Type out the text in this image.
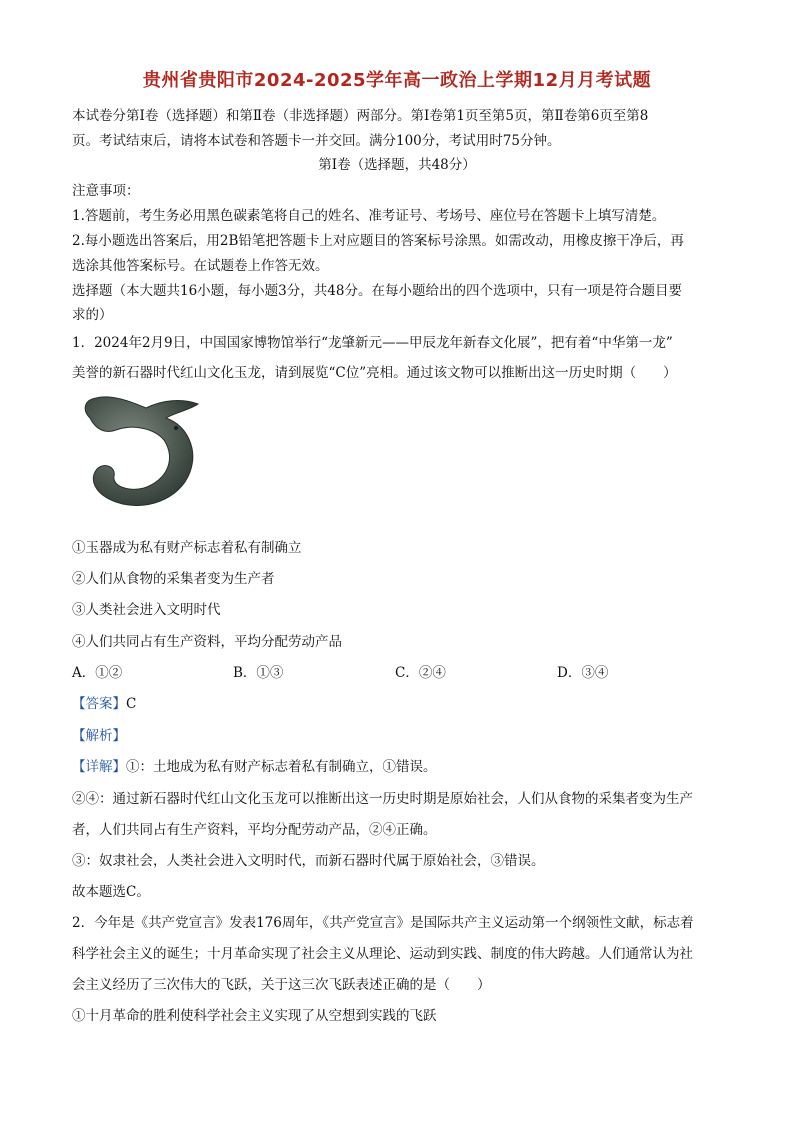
贵州省贵阳市2024-2025学年高一政治上学期12月月考试题
本试卷分第Ⅰ卷（选择题）和第Ⅱ卷（非选择题）两部分。第Ⅰ卷第1页至第5页，第Ⅱ卷第6页至第8
页。考试结束后，请将本试卷和答题卡一并交回。满分100分，考试用时75分钟。
第Ⅰ卷（选择题，共48分）
注意事项：
1.答题前，考生务必用黑色碳素笔将自己的姓名、准考证号、考场号、座位号在答题卡上填写清楚。
2.每小题选出答案后，用2B铅笔把答题卡上对应题目的答案标号涂黑。如需改动，用橡皮擦干净后，再
选涂其他答案标号。在试题卷上作答无效。
选择题（本大题共16小题，每小题3分，共48分。在每小题给出的四个选项中，只有一项是符合题目要
求的）
1．2024年2月9日，中国国家博物馆举行“龙肇新元——甲辰龙年新春文化展”，把有着“中华第一龙”
美誉的新石器时代红山文化玉龙，请到展览“C位”亮相。通过该文物可以推断出这一历史时期（　　）
①玉器成为私有财产标志着私有制确立
②人们从食物的采集者变为生产者
③人类社会进入文明时代
④人们共同占有生产资料，平均分配劳动产品
A．①②	B．①③	C．②④	D．③④
【答案】C
【解析】
【详解】①：土地成为私有财产标志着私有制确立，①错误。
②④：通过新石器时代红山文化玉龙可以推断出这一历史时期是原始社会，人们从食物的采集者变为生产
者，人们共同占有生产资料，平均分配劳动产品，②④正确。
③：奴隶社会，人类社会进入文明时代，而新石器时代属于原始社会，③错误。
故本题选C。
2．今年是《共产党宣言》发表176周年，《共产党宣言》是国际共产主义运动第一个纲领性文献，标志着
科学社会主义的诞生；十月革命实现了社会主义从理论、运动到实践、制度的伟大跨越。人们通常认为社
会主义经历了三次伟大的飞跃，关于这三次飞跃表述正确的是（　　）
①十月革命的胜利使科学社会主义实现了从空想到实践的飞跃
